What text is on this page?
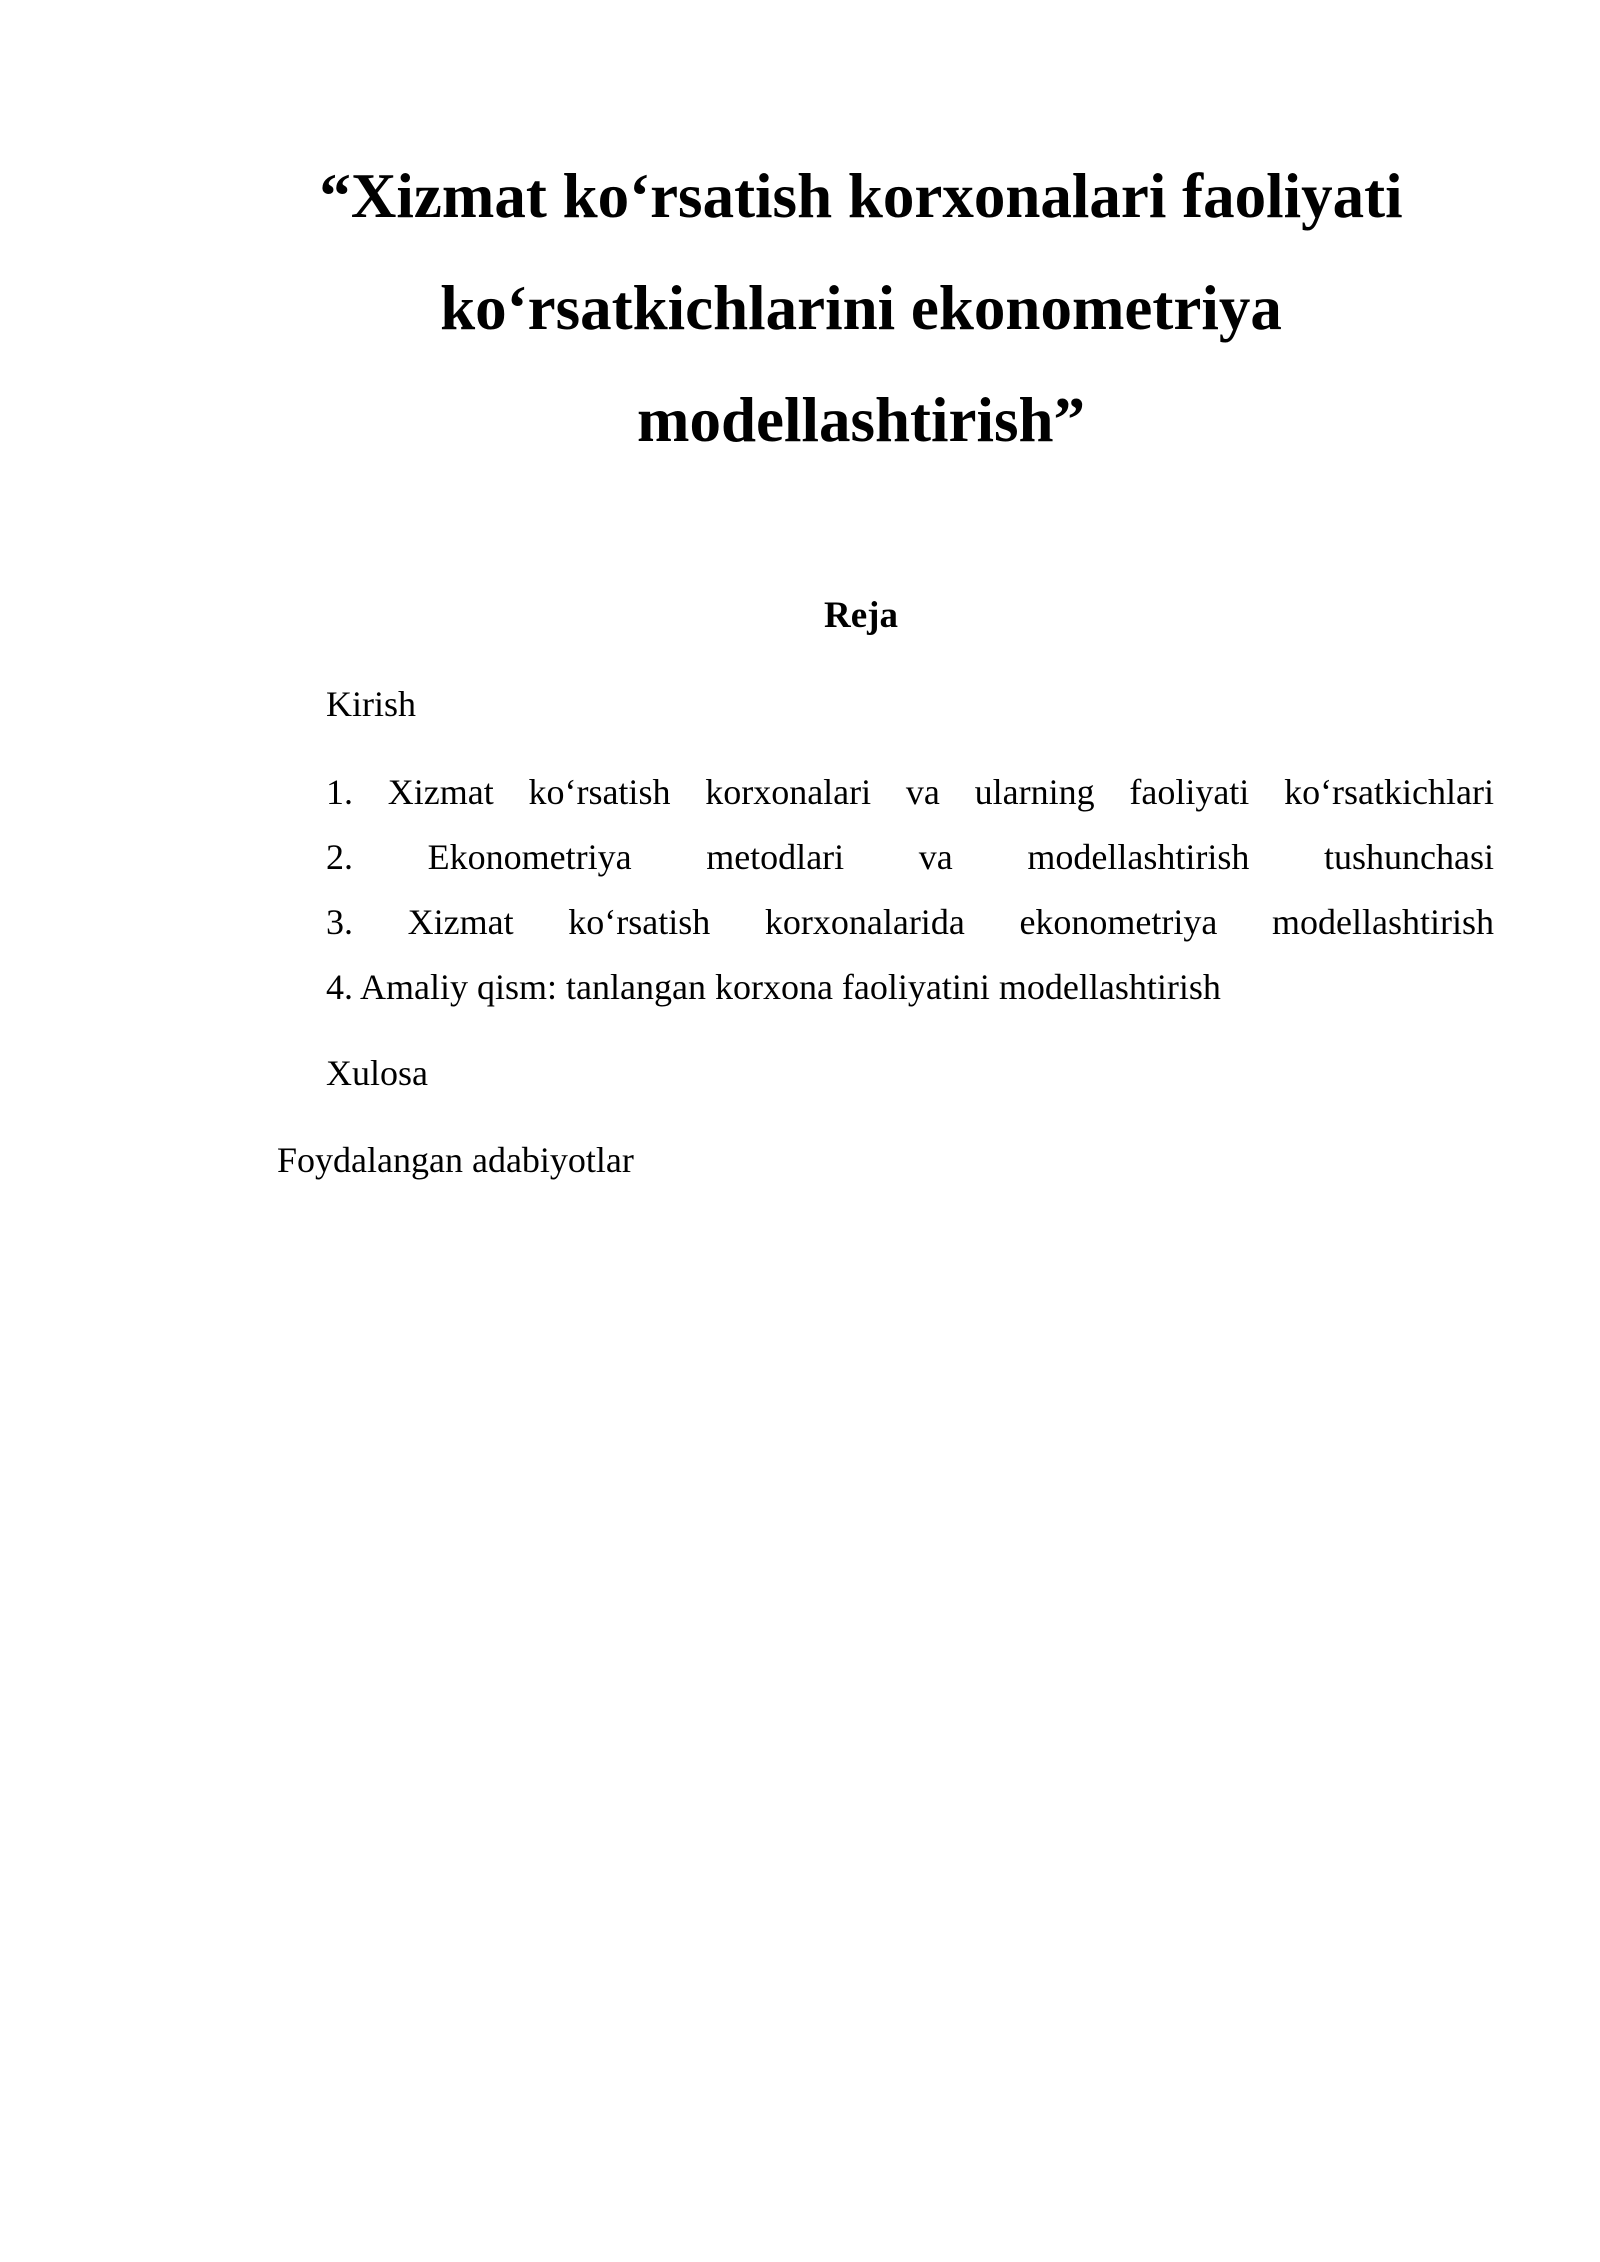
“Xizmat ko‘rsatish korxonalari faoliyati
ko‘rsatkichlarini ekonometriya
modellashtirish”
Reja
Kirish

1. Xizmat ko‘rsatish korxonalari va ularning faoliyati ko‘rsatkichlari

2. Ekonometriya metodlari va modellashtirish tushunchasi

3. Xizmat ko‘rsatish korxonalarida ekonometriya modellashtirish

4. Amaliy qism: tanlangan korxona faoliyatini modellashtirish

Xulosa
Foydalangan adabiyotlar
